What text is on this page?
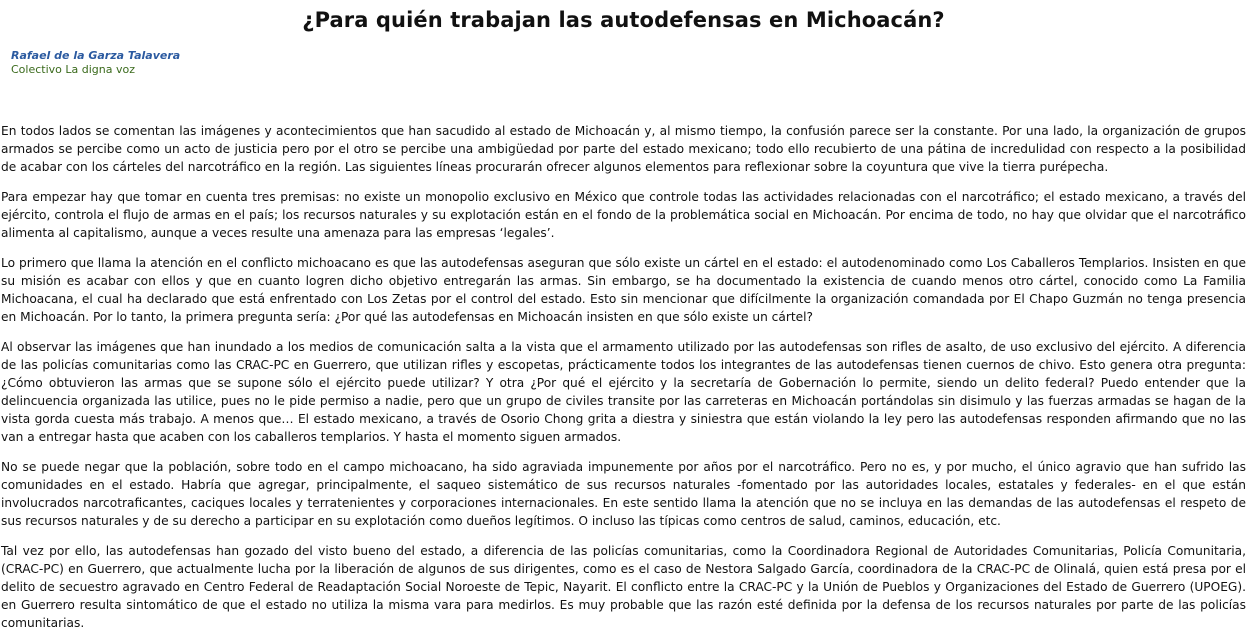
¿Para quién trabajan las autodefensas en Michoacán?
Rafael de la Garza Talavera
Colectivo La digna voz

En todos lados se comentan las imágenes y acontecimientos que han sacudido al estado de Michoacán y, al mismo tiempo, la confusión parece ser la constante. Por una lado, la organización de grupos armados se percibe como un acto de justicia pero por el otro se percibe una ambigüedad por parte del estado mexicano; todo ello recubierto de una pátina de incredulidad con respecto a la posibilidad de acabar con los cárteles del narcotráfico en la región. Las siguientes líneas procurarán ofrecer algunos elementos para reflexionar sobre la coyuntura que vive la tierra purépecha.

Para empezar hay que tomar en cuenta tres premisas: no existe un monopolio exclusivo en México que controle todas las actividades relacionadas con el narcotráfico; el estado mexicano, a través del ejército, controla el flujo de armas en el país; los recursos naturales y su explotación están en el fondo de la problemática social en Michoacán. Por encima de todo, no hay que olvidar que el narcotráfico alimenta al capitalismo, aunque a veces resulte una amenaza para las empresas ‘legales’.

Lo primero que llama la atención en el conflicto michoacano es que las autodefensas aseguran que sólo existe un cártel en el estado: el autodenominado como Los Caballeros Templarios. Insisten en que su misión es acabar con ellos y que en cuanto logren dicho objetivo entregarán las armas. Sin embargo, se ha documentado la existencia de cuando menos otro cártel, conocido como La Familia Michoacana, el cual ha declarado que está enfrentado con Los Zetas por el control del estado. Esto sin mencionar que difícilmente la organización comandada por El Chapo Guzmán no tenga presencia en Michoacán. Por lo tanto, la primera pregunta sería: ¿Por qué las autodefensas en Michoacán insisten en que sólo existe un cártel?

Al observar las imágenes que han inundado a los medios de comunicación salta a la vista que el armamento utilizado por las autodefensas son rifles de asalto, de uso exclusivo del ejército. A diferencia de las policías comunitarias como las CRAC-PC en Guerrero, que utilizan rifles y escopetas, prácticamente todos los integrantes de las autodefensas tienen cuernos de chivo. Esto genera otra pregunta: ¿Cómo obtuvieron las armas que se supone sólo el ejército puede utilizar? Y otra ¿Por qué el ejército y la secretaría de Gobernación lo permite, siendo un delito federal? Puedo entender que la delincuencia organizada las utilice, pues no le pide permiso a nadie, pero que un grupo de civiles transite por las carreteras en Michoacán portándolas sin disimulo y las fuerzas armadas se hagan de la vista gorda cuesta más trabajo. A menos que… El estado mexicano, a través de Osorio Chong grita a diestra y siniestra que están violando la ley pero las autodefensas responden afirmando que no las van a entregar hasta que acaben con los caballeros templarios. Y hasta el momento siguen armados.

No se puede negar que la población, sobre todo en el campo michoacano, ha sido agraviada impunemente por años por el narcotráfico. Pero no es, y por mucho, el único agravio que han sufrido las comunidades en el estado. Habría que agregar, principalmente, el saqueo sistemático de sus recursos naturales -fomentado por las autoridades locales, estatales y federales- en el que están involucrados narcotraficantes, caciques locales y terratenientes y corporaciones internacionales. En este sentido llama la atención que no se incluya en las demandas de las autodefensas el respeto de sus recursos naturales y de su derecho a participar en su explotación como dueños legítimos. O incluso las típicas como centros de salud, caminos, educación, etc.

Tal vez por ello, las autodefensas han gozado del visto bueno del estado, a diferencia de las policías comunitarias, como la Coordinadora Regional de Autoridades Comunitarias, Policía Comunitaria, (CRAC-PC) en Guerrero, que actualmente lucha por la liberación de algunos de sus dirigentes, como es el caso de Nestora Salgado García, coordinadora de la CRAC-PC de Olinalá, quien está presa por el delito de secuestro agravado en Centro Federal de Readaptación Social Noroeste de Tepic, Nayarit. El conflicto entre la CRAC-PC y la Unión de Pueblos y Organizaciones del Estado de Guerrero (UPOEG). en Guerrero resulta sintomático de que el estado no utiliza la misma vara para medirlos. Es muy probable que las razón esté definida por la defensa de los recursos naturales por parte de las policías comunitarias.
